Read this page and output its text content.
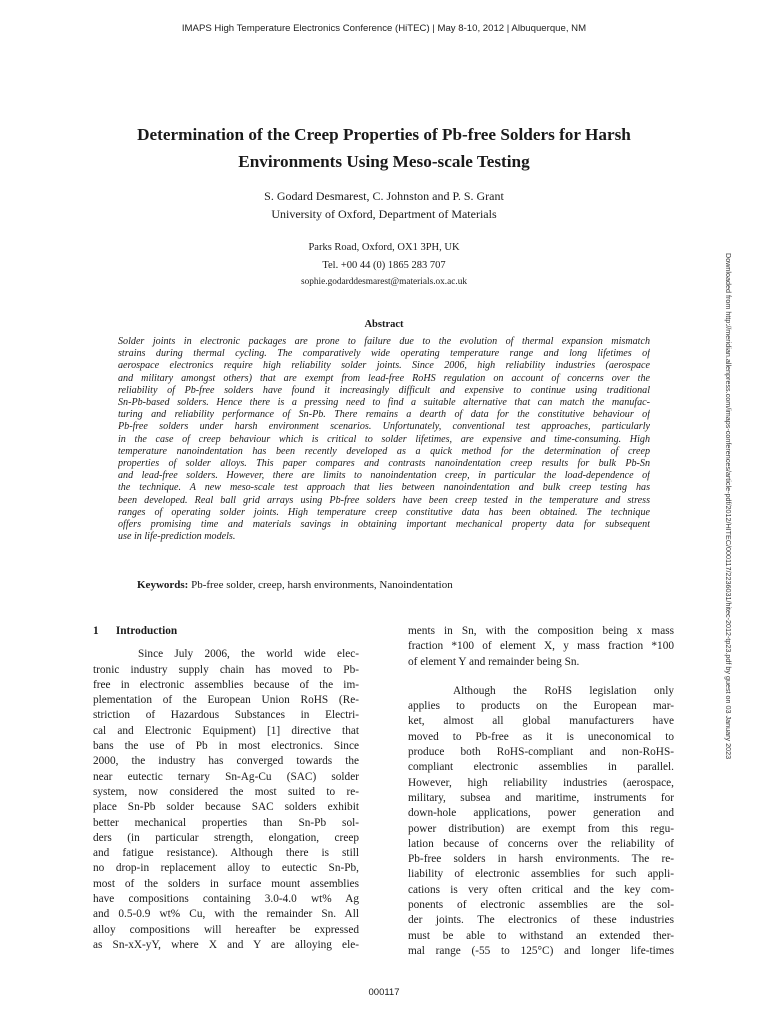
IMAPS High Temperature Electronics Conference (HiTEC) | May 8-10, 2012 | Albuquerque, NM
Determination of the Creep Properties of Pb-free Solders for Harsh
Environments Using Meso-scale Testing
S. Godard Desmarest, C. Johnston and P. S. Grant
University of Oxford, Department of Materials
Parks Road, Oxford, OX1 3PH, UK
Tel. +00 44 (0) 1865 283 707
sophie.godarddesmarest@materials.ox.ac.uk
Abstract
Solder joints in electronic packages are prone to failure due to the evolution of thermal expansion mismatch
strains during thermal cycling. The comparatively wide operating temperature range and long lifetimes of
aerospace electronics require high reliability solder joints. Since 2006, high reliability industries (aerospace
and military amongst others) that are exempt from lead-free RoHS regulation on account of concerns over the
reliability of Pb-free solders have found it increasingly difficult and expensive to continue using traditional
Sn-Pb-based solders. Hence there is a pressing need to find a suitable alternative that can match the manufac-
turing and reliability performance of Sn-Pb. There remains a dearth of data for the constitutive behaviour of
Pb-free solders under harsh environment scenarios. Unfortunately, conventional test approaches, particularly
in the case of creep behaviour which is critical to solder lifetimes, are expensive and time-consuming. High
temperature nanoindentation has been recently developed as a quick method for the determination of creep
properties of solder alloys. This paper compares and contrasts nanoindentation creep results for bulk Pb-Sn
and lead-free solders. However, there are limits to nanoindentation creep, in particular the load-dependence of
the technique. A new meso-scale test approach that lies between nanoindentation and bulk creep testing has
been developed. Real ball grid arrays using Pb-free solders have been creep tested in the temperature and stress
ranges of operating solder joints. High temperature creep constitutive data has been obtained. The technique
offers promising time and materials savings in obtaining important mechanical property data for subsequent
use in life-prediction models.
Keywords: Pb-free solder, creep, harsh environments, Nanoindentation
1 Introduction
Since July 2006, the world wide elec-
tronic industry supply chain has moved to Pb-
free in electronic assemblies because of the im-
plementation of the European Union RoHS (Re-
striction of Hazardous Substances in Electri-
cal and Electronic Equipment) [1] directive that
bans the use of Pb in most electronics. Since
2000, the industry has converged towards the
near eutectic ternary Sn-Ag-Cu (SAC) solder
system, now considered the most suited to re-
place Sn-Pb solder because SAC solders exhibit
better mechanical properties than Sn-Pb sol-
ders (in particular strength, elongation, creep
and fatigue resistance). Although there is still
no drop-in replacement alloy to eutectic Sn-Pb,
most of the solders in surface mount assemblies
have compositions containing 3.0-4.0 wt% Ag
and 0.5-0.9 wt% Cu, with the remainder Sn. All
alloy compositions will hereafter be expressed
as Sn-xX-yY, where X and Y are alloying ele-
ments in Sn, with the composition being x mass
fraction *100 of element X, y mass fraction *100
of element Y and remainder being Sn.
Although the RoHS legislation only
applies to products on the European mar-
ket, almost all global manufacturers have
moved to Pb-free as it is uneconomical to
produce both RoHS-compliant and non-RoHS-
compliant electronic assemblies in parallel.
However, high reliability industries (aerospace,
military, subsea and maritime, instruments for
down-hole applications, power generation and
power distribution) are exempt from this regu-
lation because of concerns over the reliability of
Pb-free solders in harsh environments. The re-
liability of electronic assemblies for such appli-
cations is very often critical and the key com-
ponents of electronic assemblies are the sol-
der joints. The electronics of these industries
must be able to withstand an extended ther-
mal range (-55 to 125°C) and longer life-times
Downloaded from http://meridian.allenpress.com/imaps-conferences/article-pdf/2012/HITEC/000117/2236031/hitec-2012-tp23.pdf by guest on 03 January 2023
000117
